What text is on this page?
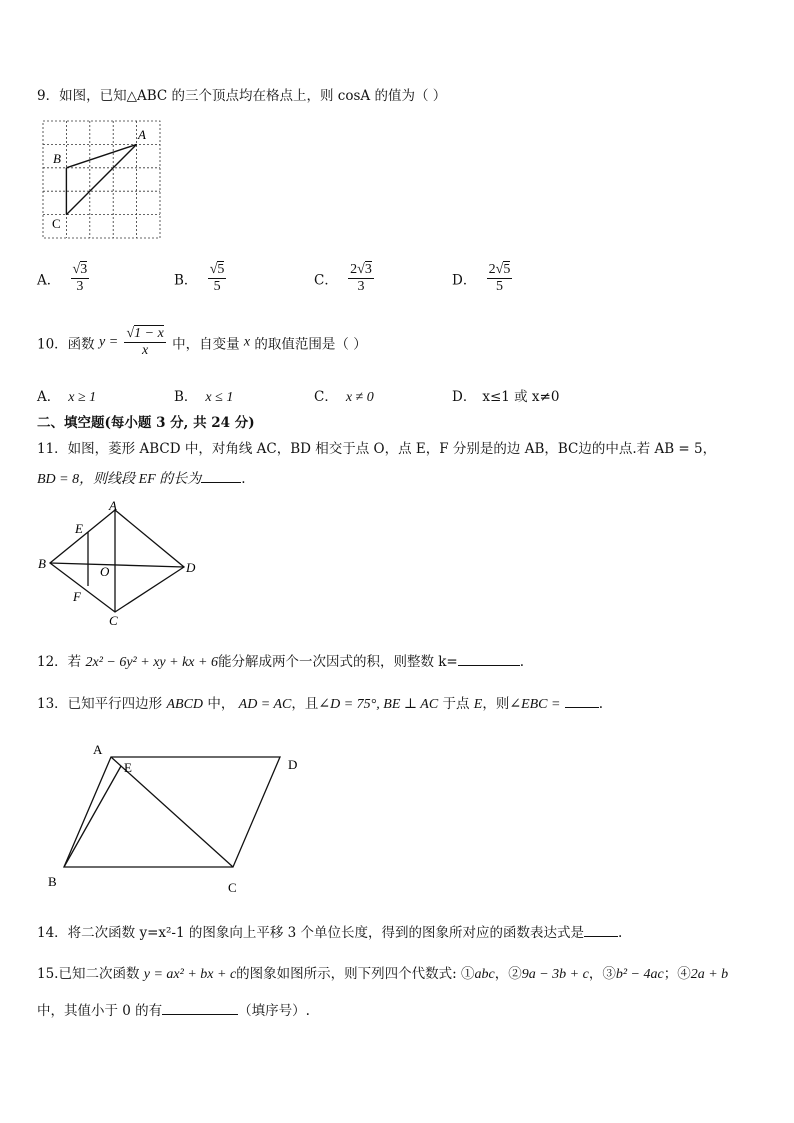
9．如图，已知△ABC 的三个顶点均在格点上，则 cosA 的值为（ ）
A
B
C
A． $\frac{√3}{3}$	B． $\frac{√5}{5}$	C． $\frac{2√3}{3}$	D． $\frac{2√5}{5}$
10．函数 $y = \frac{√1 - x}{x}$ 中，自变量 x 的取值范围是（ ）
A． x ≥ 1	B． x ≤ 1	C． x ≠ 0	D． x≤1 或 x≠0
二、填空题(每小题 3 分, 共 24 分)
11．如图，菱形 ABCD 中，对角线 AC，BD 相交于点 O，点 E，F 分别是的边 AB，BC边的中点.若 AB = 5，
BD = 8，则线段 EF 的长为	.
A
B
C
D
E
F
O
12．若 2x² − 6y² + xy + kx + 6能分解成两个一次因式的积，则整数 k=	.
13．已知平行四边形 ABCD 中， AD = AC，且∠D = 75°, BE ⊥ AC 于点 E，则∠EBC =	.
A
E	D
B	C
14．将二次函数 y=x²-1 的图象向上平移 3 个单位长度，得到的图象所对应的函数表达式是	.
15.已知二次函数 y = ax² + bx + c的图象如图所示，则下列四个代数式: ①abc，②9a − 3b + c，③b² − 4ac；④2a + b
中，其值小于 0 的有	（填序号）.
